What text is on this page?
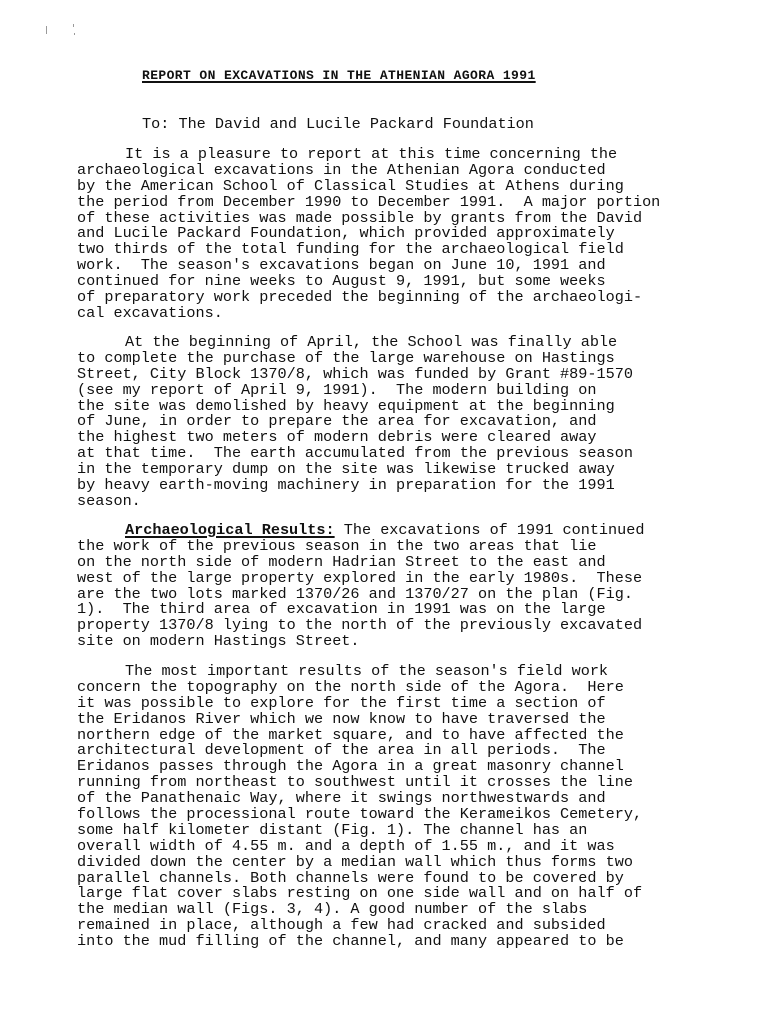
REPORT ON EXCAVATIONS IN THE ATHENIAN AGORA 1991
To: The David and Lucile Packard Foundation
It is a pleasure to report at this time concerning the
archaeological excavations in the Athenian Agora conducted
by the American School of Classical Studies at Athens during
the period from December 1990 to December 1991.  A major portion
of these activities was made possible by grants from the David
and Lucile Packard Foundation, which provided approximately
two thirds of the total funding for the archaeological field
work.  The season's excavations began on June 10, 1991 and
continued for nine weeks to August 9, 1991, but some weeks
of preparatory work preceded the beginning of the archaeologi-
cal excavations.
At the beginning of April, the School was finally able
to complete the purchase of the large warehouse on Hastings
Street, City Block 1370/8, which was funded by Grant #89-1570
(see my report of April 9, 1991).  The modern building on
the site was demolished by heavy equipment at the beginning
of June, in order to prepare the area for excavation, and
the highest two meters of modern debris were cleared away
at that time.  The earth accumulated from the previous season
in the temporary dump on the site was likewise trucked away
by heavy earth-moving machinery in preparation for the 1991
season.
Archaeological Results: The excavations of 1991 continued
the work of the previous season in the two areas that lie
on the north side of modern Hadrian Street to the east and
west of the large property explored in the early 1980s.  These
are the two lots marked 1370/26 and 1370/27 on the plan (Fig.
1).  The third area of excavation in 1991 was on the large
property 1370/8 lying to the north of the previously excavated
site on modern Hastings Street.
The most important results of the season's field work
concern the topography on the north side of the Agora.  Here
it was possible to explore for the first time a section of
the Eridanos River which we now know to have traversed the
northern edge of the market square, and to have affected the
architectural development of the area in all periods.  The
Eridanos passes through the Agora in a great masonry channel
running from northeast to southwest until it crosses the line
of the Panathenaic Way, where it swings northwestwards and
follows the processional route toward the Kerameikos Cemetery,
some half kilometer distant (Fig. 1). The channel has an
overall width of 4.55 m. and a depth of 1.55 m., and it was
divided down the center by a median wall which thus forms two
parallel channels. Both channels were found to be covered by
large flat cover slabs resting on one side wall and on half of
the median wall (Figs. 3, 4). A good number of the slabs
remained in place, although a few had cracked and subsided
into the mud filling of the channel, and many appeared to be
